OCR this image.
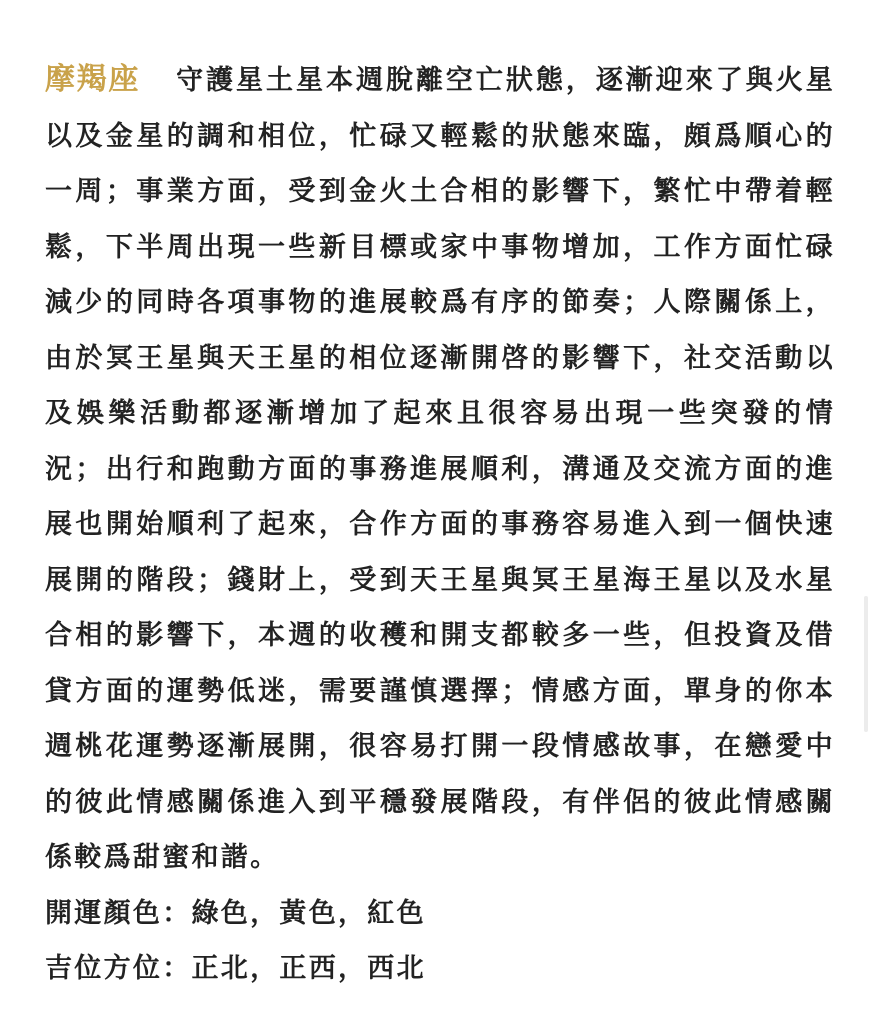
摩羯座 守護星土星本週脫離空亡狀態，逐漸迎來了與火星以及金星的調和相位，忙碌又輕鬆的狀態來臨，頗爲順心的一周；事業方面，受到金火土合相的影響下，繁忙中帶着輕鬆，下半周出現一些新目標或家中事物增加，工作方面忙碌減少的同時各項事物的進展較爲有序的節奏；人際關係上，由於冥王星與天王星的相位逐漸開啓的影響下，社交活動以及娛樂活動都逐漸增加了起來且很容易出現一些突發的情況；出行和跑動方面的事務進展順利，溝通及交流方面的進展也開始順利了起來，合作方面的事務容易進入到一個快速展開的階段；錢財上，受到天王星與冥王星海王星以及水星合相的影響下，本週的收穫和開支都較多一些，但投資及借貸方面的運勢低迷，需要謹慎選擇；情感方面，單身的你本週桃花運勢逐漸展開，很容易打開一段情感故事，在戀愛中的彼此情感關係進入到平穩發展階段，有伴侶的彼此情感關係較爲甜蜜和諧。

開運顏色：綠色，黃色，紅色

吉位方位：正北，正西，西北
